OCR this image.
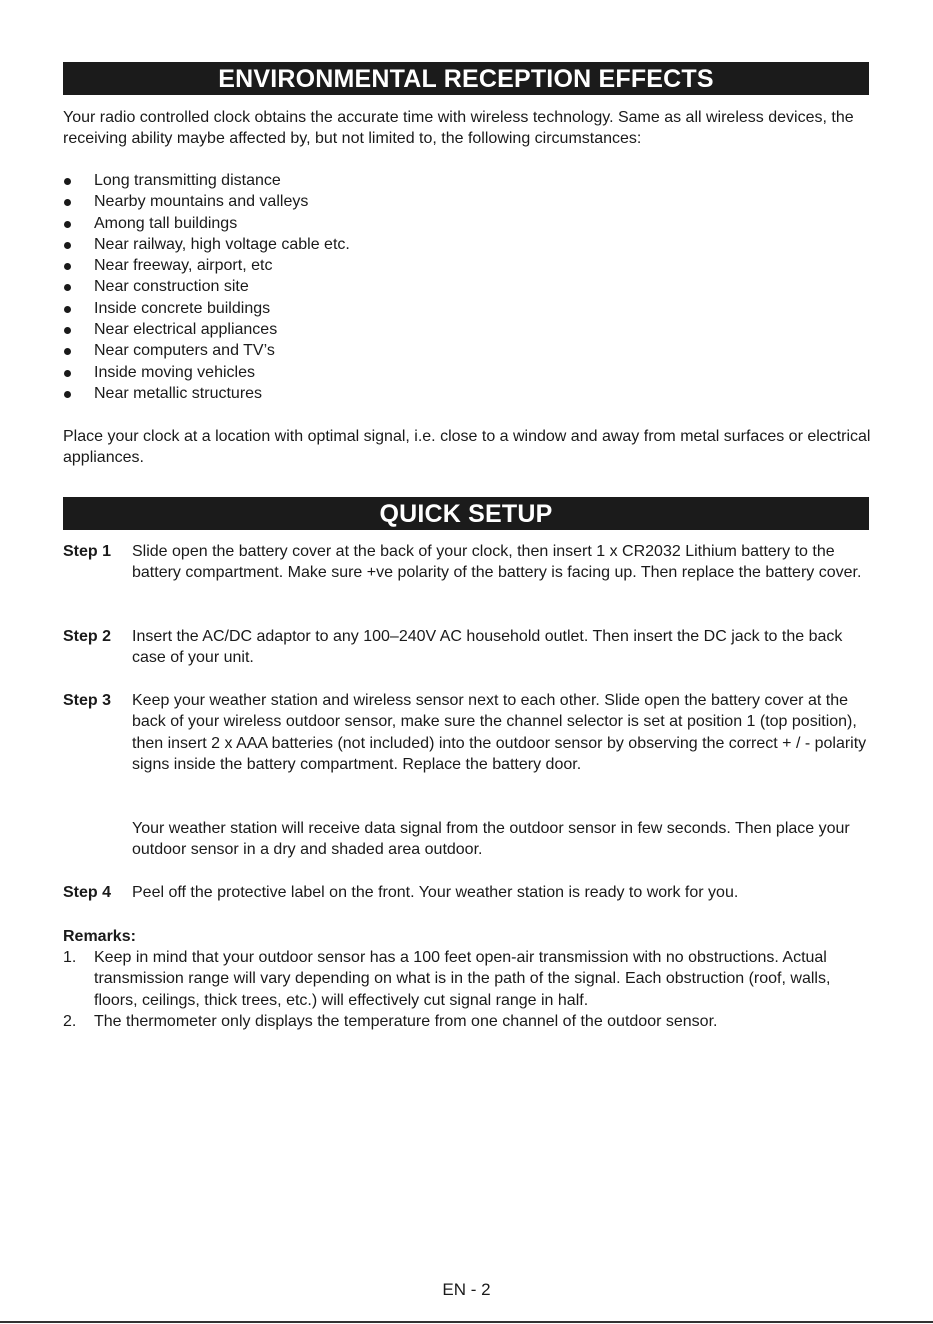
ENVIRONMENTAL RECEPTION EFFECTS

Your radio controlled clock obtains the accurate time with wireless technology. Same as all wireless devices, the receiving ability maybe affected by, but not limited to, the following circumstances:

Long transmitting distance
Nearby mountains and valleys
Among tall buildings
Near railway, high voltage cable etc.
Near freeway, airport, etc
Near construction site
Inside concrete buildings
Near electrical appliances
Near computers and TV’s
Inside moving vehicles
Near metallic structures

Place your clock at a location with optimal signal, i.e. close to a window and away from metal surfaces or electrical appliances.

QUICK SETUP
Step 1	Slide open the battery cover at the back of your clock, then insert 1 x CR2032 Lithium battery to the battery compartment. Make sure +ve polarity of the battery is facing up. Then replace the battery cover.
Step 2	Insert the AC/DC adaptor to any 100–240V AC household outlet. Then insert the DC jack to the back case of your unit.
Step 3	Keep your weather station and wireless sensor next to each other. Slide open the battery cover at the back of your wireless outdoor sensor, make sure the channel selector is set at position 1 (top position), then insert 2 x AAA batteries (not included) into the outdoor sensor by observing the correct + / - polarity signs inside the battery compartment. Replace the battery door.
Your weather station will receive data signal from the outdoor sensor in few seconds. Then place your outdoor sensor in a dry and shaded area outdoor.
Step 4	Peel off the protective label on the front. Your weather station is ready to work for you.
Remarks:
1. Keep in mind that your outdoor sensor has a 100 feet open-air transmission with no obstructions. Actual transmission range will vary depending on what is in the path of the signal. Each obstruction (roof, walls, floors, ceilings, thick trees, etc.) will effectively cut signal range in half.
2. The thermometer only displays the temperature from one channel of the outdoor sensor.
EN - 2
